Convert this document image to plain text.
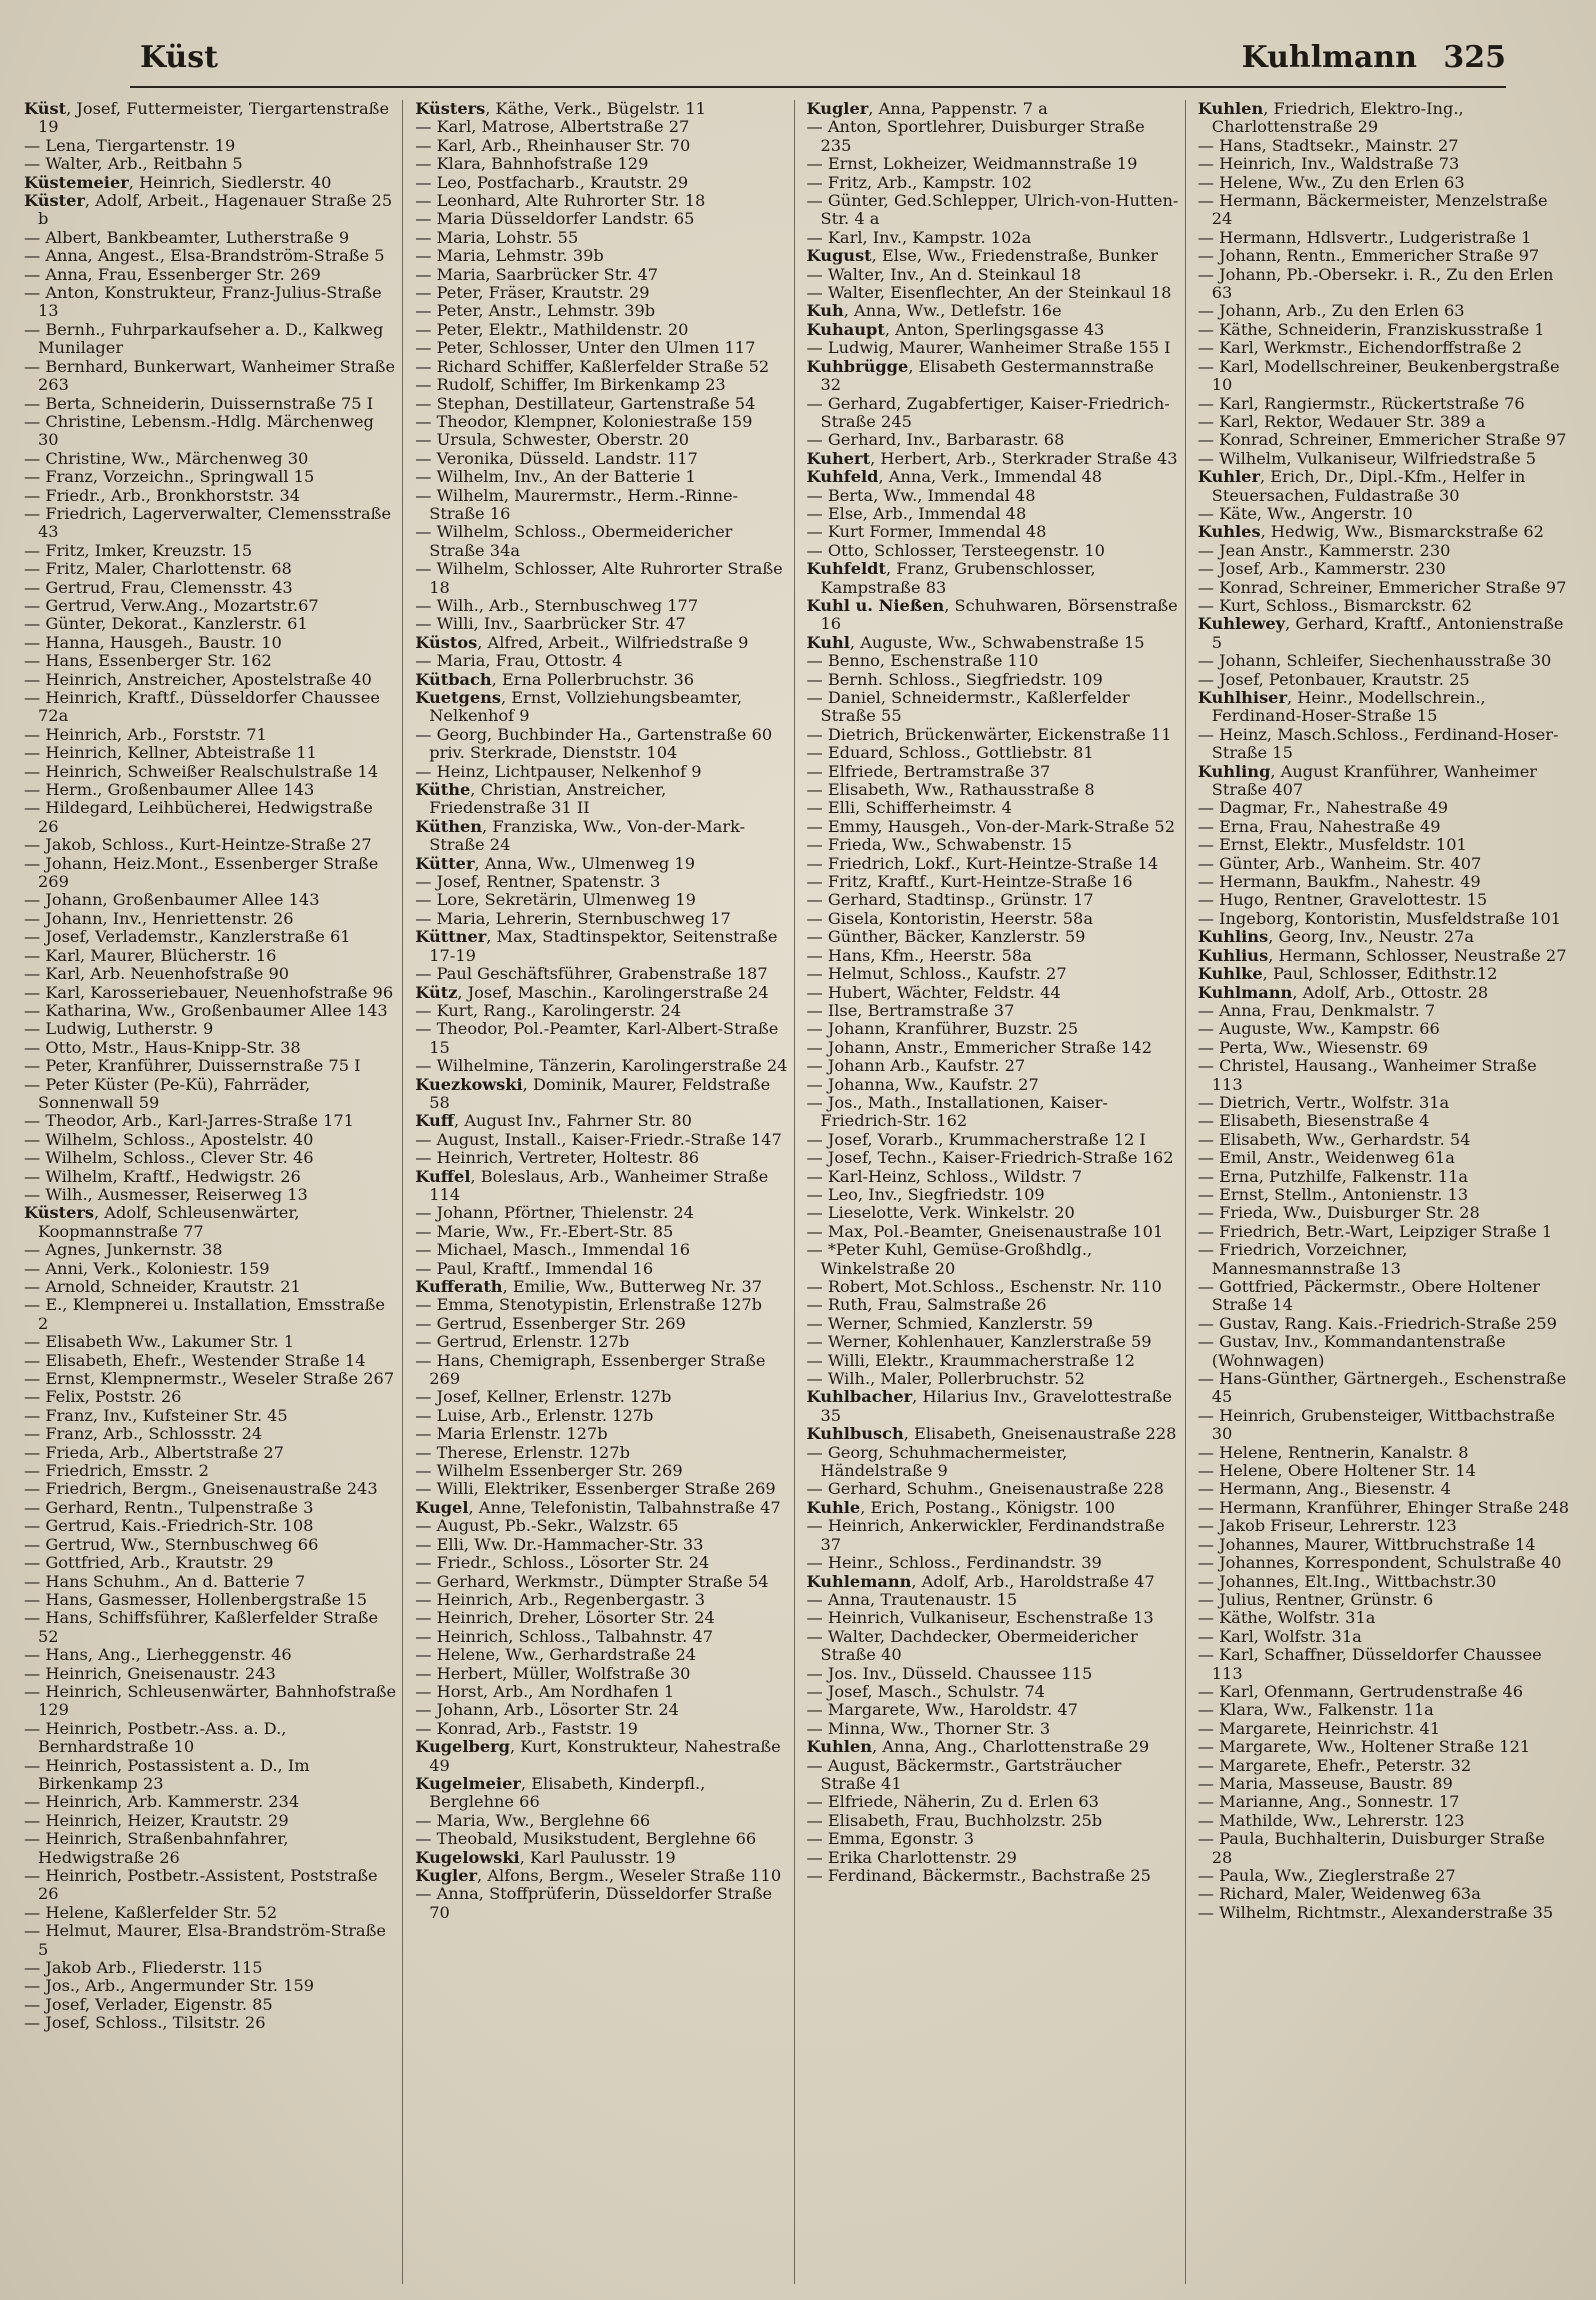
Küst	Kuhlmann 325

Küst, Josef, Futtermeister, Tiergartenstraße 19

— Lena, Tiergartenstr. 19

— Walter, Arb., Reitbahn 5

Küstemeier, Heinrich, Siedlerstr. 40

Küster, Adolf, Arbeit., Hagenauer Straße 25 b

— Albert, Bankbeamter, Lutherstraße 9

— Anna, Angest., Elsa-Brandström-Straße 5

— Anna, Frau, Essenberger Str. 269

— Anton, Konstrukteur, Franz-Julius-Straße 13

— Bernh., Fuhrparkaufseher a. D., Kalkweg Munilager

— Bernhard, Bunkerwart, Wanheimer Straße 263

— Berta, Schneiderin, Duissernstraße 75 I

— Christine, Lebensm.-Hdlg. Märchenweg 30

— Christine, Ww., Märchenweg 30

— Franz, Vorzeichn., Springwall 15

— Friedr., Arb., Bronkhorststr. 34

— Friedrich, Lagerverwalter, Clemensstraße 43

— Fritz, Imker, Kreuzstr. 15

— Fritz, Maler, Charlottenstr. 68

— Gertrud, Frau, Clemensstr. 43

— Gertrud, Verw.Ang., Mozartstr.67

— Günter, Dekorat., Kanzlerstr. 61

— Hanna, Hausgeh., Baustr. 10

— Hans, Essenberger Str. 162

— Heinrich, Anstreicher, Apostelstraße 40

— Heinrich, Kraftf., Düsseldorfer Chaussee 72a

— Heinrich, Arb., Forststr. 71

— Heinrich, Kellner, Abteistraße 11

— Heinrich, Schweißer Realschulstraße 14

— Herm., Großenbaumer Allee 143

— Hildegard, Leihbücherei, Hedwigstraße 26

— Jakob, Schloss., Kurt-Heintze-Straße 27

— Johann, Heiz.Mont., Essenberger Straße 269

— Johann, Großenbaumer Allee 143

— Johann, Inv., Henriettenstr. 26

— Josef, Verlademstr., Kanzlerstraße 61

— Karl, Maurer, Blücherstr. 16

— Karl, Arb. Neuenhofstraße 90

— Karl, Karosseriebauer, Neuenhofstraße 96

— Katharina, Ww., Großenbaumer Allee 143

— Ludwig, Lutherstr. 9

— Otto, Mstr., Haus-Knipp-Str. 38

— Peter, Kranführer, Duissernstraße 75 I

— Peter Küster (Pe-Kü), Fahrräder, Sonnenwall 59

— Theodor, Arb., Karl-Jarres-Straße 171

— Wilhelm, Schloss., Apostelstr. 40

— Wilhelm, Schloss., Clever Str. 46

— Wilhelm, Kraftf., Hedwigstr. 26

— Wilh., Ausmesser, Reiserweg 13

Küsters, Adolf, Schleusenwärter, Koopmannstraße 77

— Agnes, Junkernstr. 38

— Anni, Verk., Koloniestr. 159

— Arnold, Schneider, Krautstr. 21

— E., Klempnerei u. Installation, Emsstraße 2

— Elisabeth Ww., Lakumer Str. 1

— Elisabeth, Ehefr., Westender Straße 14

— Ernst, Klempnermstr., Weseler Straße 267

— Felix, Poststr. 26

— Franz, Inv., Kufsteiner Str. 45

— Franz, Arb., Schlossstr. 24

— Frieda, Arb., Albertstraße 27

— Friedrich, Emsstr. 2

— Friedrich, Bergm., Gneisenaustraße 243

— Gerhard, Rentn., Tulpenstraße 3

— Gertrud, Kais.-Friedrich-Str. 108

— Gertrud, Ww., Sternbuschweg 66

— Gottfried, Arb., Krautstr. 29

— Hans Schuhm., An d. Batterie 7

— Hans, Gasmesser, Hollenbergstraße 15

— Hans, Schiffsführer, Kaßlerfelder Straße 52

— Hans, Ang., Lierheggenstr. 46

— Heinrich, Gneisenaustr. 243

— Heinrich, Schleusenwärter, Bahnhofstraße 129

— Heinrich, Postbetr.-Ass. a. D., Bernhardstraße 10

— Heinrich, Postassistent a. D., Im Birkenkamp 23

— Heinrich, Arb. Kammerstr. 234

— Heinrich, Heizer, Krautstr. 29

— Heinrich, Straßenbahnfahrer, Hedwigstraße 26

— Heinrich, Postbetr.-Assistent, Poststraße 26

— Helene, Kaßlerfelder Str. 52

— Helmut, Maurer, Elsa-Brandström-Straße 5

— Jakob Arb., Fliederstr. 115

— Jos., Arb., Angermunder Str. 159

— Josef, Verlader, Eigenstr. 85

— Josef, Schloss., Tilsitstr. 26

Küsters, Käthe, Verk., Bügelstr. 11

— Karl, Matrose, Albertstraße 27

— Karl, Arb., Rheinhauser Str. 70

— Klara, Bahnhofstraße 129

— Leo, Postfacharb., Krautstr. 29

— Leonhard, Alte Ruhrorter Str. 18

— Maria Düsseldorfer Landstr. 65

— Maria, Lohstr. 55

— Maria, Lehmstr. 39b

— Maria, Saarbrücker Str. 47

— Peter, Fräser, Krautstr. 29

— Peter, Anstr., Lehmstr. 39b

— Peter, Elektr., Mathildenstr. 20

— Peter, Schlosser, Unter den Ulmen 117

— Richard Schiffer, Kaßlerfelder Straße 52

— Rudolf, Schiffer, Im Birkenkamp 23

— Stephan, Destillateur, Gartenstraße 54

— Theodor, Klempner, Koloniestraße 159

— Ursula, Schwester, Oberstr. 20

— Veronika, Düsseld. Landstr. 117

— Wilhelm, Inv., An der Batterie 1

— Wilhelm, Maurermstr., Herm.-Rinne-Straße 16

— Wilhelm, Schloss., Obermeidericher Straße 34a

— Wilhelm, Schlosser, Alte Ruhrorter Straße 18

— Wilh., Arb., Sternbuschweg 177

— Willi, Inv., Saarbrücker Str. 47

Küstos, Alfred, Arbeit., Wilfriedstraße 9

— Maria, Frau, Ottostr. 4

Kütbach, Erna Pollerbruchstr. 36

Kuetgens, Ernst, Vollziehungsbeamter, Nelkenhof 9

— Georg, Buchbinder Ha., Gartenstraße 60 priv. Sterkrade, Dienststr. 104

— Heinz, Lichtpauser, Nelkenhof 9

Küthe, Christian, Anstreicher, Friedenstraße 31 II

Küthen, Franziska, Ww., Von-der-Mark-Straße 24

Kütter, Anna, Ww., Ulmenweg 19

— Josef, Rentner, Spatenstr. 3

— Lore, Sekretärin, Ulmenweg 19

— Maria, Lehrerin, Sternbuschweg 17

Küttner, Max, Stadtinspektor, Seitenstraße 17-19

— Paul Geschäftsführer, Grabenstraße 187

Kütz, Josef, Maschin., Karolingerstraße 24

— Kurt, Rang., Karolingerstr. 24

— Theodor, Pol.-Peamter, Karl-Albert-Straße 15

— Wilhelmine, Tänzerin, Karolingerstraße 24

Kuezkowski, Dominik, Maurer, Feldstraße 58

Kuff, August Inv., Fahrner Str. 80

— August, Install., Kaiser-Friedr.-Straße 147

— Heinrich, Vertreter, Holtestr. 86

Kuffel, Boleslaus, Arb., Wanheimer Straße 114

— Johann, Pförtner, Thielenstr. 24

— Marie, Ww., Fr.-Ebert-Str. 85

— Michael, Masch., Immendal 16

— Paul, Kraftf., Immendal 16

Kufferath, Emilie, Ww., Butterweg Nr. 37

— Emma, Stenotypistin, Erlenstraße 127b

— Gertrud, Essenberger Str. 269

— Gertrud, Erlenstr. 127b

— Hans, Chemigraph, Essenberger Straße 269

— Josef, Kellner, Erlenstr. 127b

— Luise, Arb., Erlenstr. 127b

— Maria Erlenstr. 127b

— Therese, Erlenstr. 127b

— Wilhelm Essenberger Str. 269

— Willi, Elektriker, Essenberger Straße 269

Kugel, Anne, Telefonistin, Talbahnstraße 47

— August, Pb.-Sekr., Walzstr. 65

— Elli, Ww. Dr.-Hammacher-Str. 33

— Friedr., Schloss., Lösorter Str. 24

— Gerhard, Werkmstr., Dümpter Straße 54

— Heinrich, Arb., Regenbergastr. 3

— Heinrich, Dreher, Lösorter Str. 24

— Heinrich, Schloss., Talbahnstr. 47

— Helene, Ww., Gerhardstraße 24

— Herbert, Müller, Wolfstraße 30

— Horst, Arb., Am Nordhafen 1

— Johann, Arb., Lösorter Str. 24

— Konrad, Arb., Faststr. 19

Kugelberg, Kurt, Konstrukteur, Nahestraße 49

Kugelmeier, Elisabeth, Kinderpfl., Berglehne 66

— Maria, Ww., Berglehne 66

— Theobald, Musikstudent, Berglehne 66

Kugelowski, Karl Paulusstr. 19

Kugler, Alfons, Bergm., Weseler Straße 110

— Anna, Stoffprüferin, Düsseldorfer Straße 70

Kugler, Anna, Pappenstr. 7 a

— Anton, Sportlehrer, Duisburger Straße 235

— Ernst, Lokheizer, Weidmannstraße 19

— Fritz, Arb., Kampstr. 102

— Günter, Ged.Schlepper, Ulrich-von-Hutten-Str. 4 a

— Karl, Inv., Kampstr. 102a

Kugust, Else, Ww., Friedenstraße, Bunker

— Walter, Inv., An d. Steinkaul 18

— Walter, Eisenflechter, An der Steinkaul 18

Kuh, Anna, Ww., Detlefstr. 16e

Kuhaupt, Anton, Sperlingsgasse 43

— Ludwig, Maurer, Wanheimer Straße 155 I

Kuhbrügge, Elisabeth Gestermannstraße 32

— Gerhard, Zugabfertiger, Kaiser-Friedrich-Straße 245

— Gerhard, Inv., Barbarastr. 68

Kuhert, Herbert, Arb., Sterkrader Straße 43

Kuhfeld, Anna, Verk., Immendal 48

— Berta, Ww., Immendal 48

— Else, Arb., Immendal 48

— Kurt Former, Immendal 48

— Otto, Schlosser, Tersteegenstr. 10

Kuhfeldt, Franz, Grubenschlosser, Kampstraße 83

Kuhl u. Nießen, Schuhwaren, Börsenstraße 16

Kuhl, Auguste, Ww., Schwabenstraße 15

— Benno, Eschenstraße 110

— Bernh. Schloss., Siegfriedstr. 109

— Daniel, Schneidermstr., Kaßlerfelder Straße 55

— Dietrich, Brückenwärter, Eickenstraße 11

— Eduard, Schloss., Gottliebstr. 81

— Elfriede, Bertramstraße 37

— Elisabeth, Ww., Rathausstraße 8

— Elli, Schifferheimstr. 4

— Emmy, Hausgeh., Von-der-Mark-Straße 52

— Frieda, Ww., Schwabenstr. 15

— Friedrich, Lokf., Kurt-Heintze-Straße 14

— Fritz, Kraftf., Kurt-Heintze-Straße 16

— Gerhard, Stadtinsp., Grünstr. 17

— Gisela, Kontoristin, Heerstr. 58a

— Günther, Bäcker, Kanzlerstr. 59

— Hans, Kfm., Heerstr. 58a

— Helmut, Schloss., Kaufstr. 27

— Hubert, Wächter, Feldstr. 44

— Ilse, Bertramstraße 37

— Johann, Kranführer, Buzstr. 25

— Johann, Anstr., Emmericher Straße 142

— Johann Arb., Kaufstr. 27

— Johanna, Ww., Kaufstr. 27

— Jos., Math., Installationen, Kaiser-Friedrich-Str. 162

— Josef, Vorarb., Krummacherstraße 12 I

— Josef, Techn., Kaiser-Friedrich-Straße 162

— Karl-Heinz, Schloss., Wildstr. 7

— Leo, Inv., Siegfriedstr. 109

— Lieselotte, Verk. Winkelstr. 20

— Max, Pol.-Beamter, Gneisenaustraße 101

— *Peter Kuhl, Gemüse-Großhdlg., Winkelstraße 20

— Robert, Mot.Schloss., Eschenstr. Nr. 110

— Ruth, Frau, Salmstraße 26

— Werner, Schmied, Kanzlerstr. 59

— Werner, Kohlenhauer, Kanzlerstraße 59

— Willi, Elektr., Kraummacherstraße 12

— Wilh., Maler, Pollerbruchstr. 52

Kuhlbacher, Hilarius Inv., Gravelottestraße 35

Kuhlbusch, Elisabeth, Gneisenaustraße 228

— Georg, Schuhmachermeister, Händelstraße 9

— Gerhard, Schuhm., Gneisenaustraße 228

Kuhle, Erich, Postang., Königstr. 100

— Heinrich, Ankerwickler, Ferdinandstraße 37

— Heinr., Schloss., Ferdinandstr. 39

Kuhlemann, Adolf, Arb., Haroldstraße 47

— Anna, Trautenaustr. 15

— Heinrich, Vulkaniseur, Eschenstraße 13

— Walter, Dachdecker, Obermeidericher Straße 40

— Jos. Inv., Düsseld. Chaussee 115

— Josef, Masch., Schulstr. 74

— Margarete, Ww., Haroldstr. 47

— Minna, Ww., Thorner Str. 3

Kuhlen, Anna, Ang., Charlottenstraße 29

— August, Bäckermstr., Gartsträucher Straße 41

— Elfriede, Näherin, Zu d. Erlen 63

— Elisabeth, Frau, Buchholzstr. 25b

— Emma, Egonstr. 3

— Erika Charlottenstr. 29

— Ferdinand, Bäckermstr., Bachstraße 25

Kuhlen, Friedrich, Elektro-Ing., Charlottenstraße 29

— Hans, Stadtsekr., Mainstr. 27

— Heinrich, Inv., Waldstraße 73

— Helene, Ww., Zu den Erlen 63

— Hermann, Bäckermeister, Menzelstraße 24

— Hermann, Hdlsvertr., Ludgeristraße 1

— Johann, Rentn., Emmericher Straße 97

— Johann, Pb.-Obersekr. i. R., Zu den Erlen 63

— Johann, Arb., Zu den Erlen 63

— Käthe, Schneiderin, Franziskusstraße 1

— Karl, Werkmstr., Eichendorffstraße 2

— Karl, Modellschreiner, Beukenbergstraße 10

— Karl, Rangiermstr., Rückertstraße 76

— Karl, Rektor, Wedauer Str. 389 a

— Konrad, Schreiner, Emmericher Straße 97

— Wilhelm, Vulkaniseur, Wilfriedstraße 5

Kuhler, Erich, Dr., Dipl.-Kfm., Helfer in Steuersachen, Fuldastraße 30

— Käte, Ww., Angerstr. 10

Kuhles, Hedwig, Ww., Bismarckstraße 62

— Jean Anstr., Kammerstr. 230

— Josef, Arb., Kammerstr. 230

— Konrad, Schreiner, Emmericher Straße 97

— Kurt, Schloss., Bismarckstr. 62

Kuhlewey, Gerhard, Kraftf., Antonienstraße 5

— Johann, Schleifer, Siechenhausstraße 30

— Josef, Petonbauer, Krautstr. 25

Kuhlhiser, Heinr., Modellschrein., Ferdinand-Hoser-Straße 15

— Heinz, Masch.Schloss., Ferdinand-Hoser-Straße 15

Kuhling, August Kranführer, Wanheimer Straße 407

— Dagmar, Fr., Nahestraße 49

— Erna, Frau, Nahestraße 49

— Ernst, Elektr., Musfeldstr. 101

— Günter, Arb., Wanheim. Str. 407

— Hermann, Baukfm., Nahestr. 49

— Hugo, Rentner, Gravelottestr. 15

— Ingeborg, Kontoristin, Musfeldstraße 101

Kuhlins, Georg, Inv., Neustr. 27a

Kuhlius, Hermann, Schlosser, Neustraße 27

Kuhlke, Paul, Schlosser, Edithstr.12

Kuhlmann, Adolf, Arb., Ottostr. 28

— Anna, Frau, Denkmalstr. 7

— Auguste, Ww., Kampstr. 66

— Perta, Ww., Wiesenstr. 69

— Christel, Hausang., Wanheimer Straße 113

— Dietrich, Vertr., Wolfstr. 31a

— Elisabeth, Biesenstraße 4

— Elisabeth, Ww., Gerhardstr. 54

— Emil, Anstr., Weidenweg 61a

— Erna, Putzhilfe, Falkenstr. 11a

— Ernst, Stellm., Antonienstr. 13

— Frieda, Ww., Duisburger Str. 28

— Friedrich, Betr.-Wart, Leipziger Straße 1

— Friedrich, Vorzeichner, Mannesmannstraße 13

— Gottfried, Päckermstr., Obere Holtener Straße 14

— Gustav, Rang. Kais.-Friedrich-Straße 259

— Gustav, Inv., Kommandantenstraße (Wohnwagen)

— Hans-Günther, Gärtnergeh., Eschenstraße 45

— Heinrich, Grubensteiger, Wittbachstraße 30

— Helene, Rentnerin, Kanalstr. 8

— Helene, Obere Holtener Str. 14

— Hermann, Ang., Biesenstr. 4

— Hermann, Kranführer, Ehinger Straße 248

— Jakob Friseur, Lehrerstr. 123

— Johannes, Maurer, Wittbruchstraße 14

— Johannes, Korrespondent, Schulstraße 40

— Johannes, Elt.Ing., Wittbachstr.30

— Julius, Rentner, Grünstr. 6

— Käthe, Wolfstr. 31a

— Karl, Wolfstr. 31a

— Karl, Schaffner, Düsseldorfer Chaussee 113

— Karl, Ofenmann, Gertrudenstraße 46

— Klara, Ww., Falkenstr. 11a

— Margarete, Heinrichstr. 41

— Margarete, Ww., Holtener Straße 121

— Margarete, Ehefr., Peterstr. 32

— Maria, Masseuse, Baustr. 89

— Marianne, Ang., Sonnestr. 17

— Mathilde, Ww., Lehrerstr. 123

— Paula, Buchhalterin, Duisburger Straße 28

— Paula, Ww., Zieglerstraße 27

— Richard, Maler, Weidenweg 63a

— Wilhelm, Richtmstr., Alexanderstraße 35
